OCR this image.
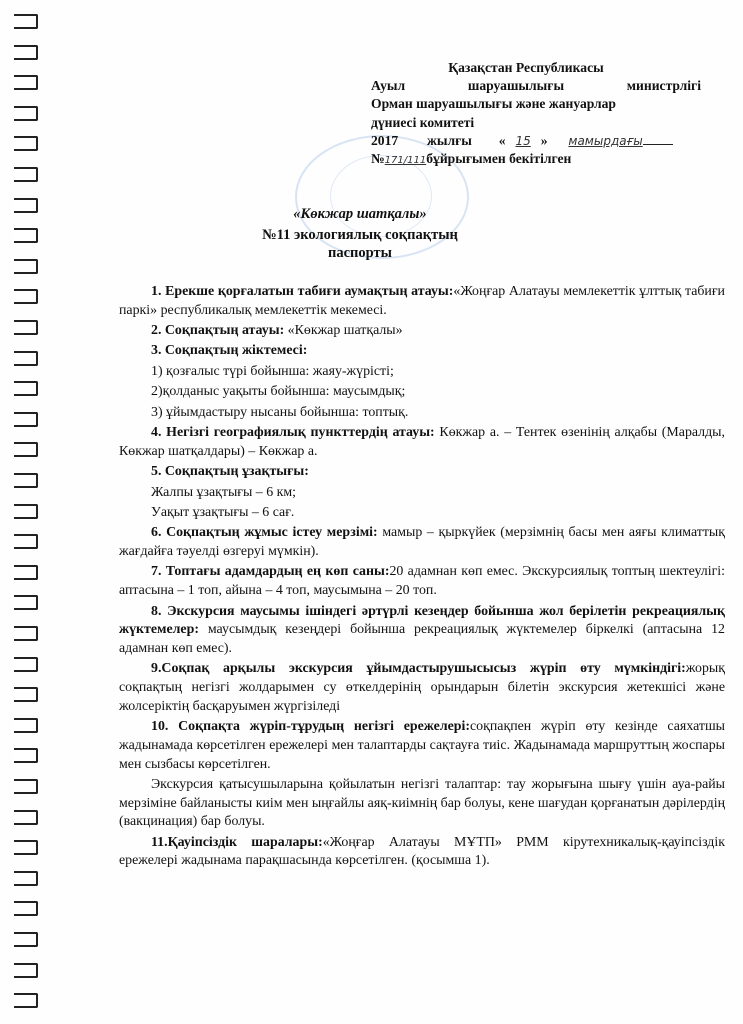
Қазақстан Республикасы
Ауыл	шаруашылығы	министрлігі
Орман шаруашылығы және жануарлар
дүниесі комитеті
2017 жылғы « 15 » мамырдағы
№171/111бұйрығымен бекітілген
«Көкжар шатқалы»
№11 экологиялық соқпақтың
паспорты

1. Ерекше қорғалатын табиғи аумақтың атауы:«Жоңғар Алатауы мемлекеттік ұлттық табиғи паркі» республикалық мемлекеттік мекемесі.

2. Соқпақтың атауы: «Көкжар шатқалы»

3. Соқпақтың жіктемесі:

1) қозғалыс түрі бойынша: жаяу-жүрісті;
2)қолданыс уақыты бойынша: маусымдық;
3) ұйымдастыру нысаны бойынша: топтық.

4. Негізгі географиялық пункттердің атауы: Көкжар а. – Тентек өзенінің алқабы (Маралды, Көкжар шатқалдары) – Көкжар а.

5. Соқпақтың ұзақтығы:

Жалпы ұзақтығы – 6 км;
Уақыт ұзақтығы – 6 сағ.

6. Соқпақтың жұмыс істеу мерзімі: мамыр – қыркүйек (мерзімнің басы мен аяғы климаттық жағдайға тәуелді өзгеруі мүмкін).

7. Топтағы адамдардың ең көп саны:20 адамнан көп емес. Экскурсиялық топтың шектеулігі: аптасына – 1 топ, айына – 4 топ, маусымына – 20 топ.

8. Экскурсия маусымы ішіндегі әртүрлі кезеңдер бойынша жол берілетін рекреациялық жүктемелер: маусымдық кезеңдері бойынша рекреациялық жүктемелер біркелкі (аптасына 12 адамнан көп емес).

9.Соқпақ арқылы экскурсия ұйымдастырушысысыз жүріп өту мүмкіндігі:жорық соқпақтың негізгі жолдарымен су өткелдерінің орындарын білетін экскурсия жетекшісі және жолсеріктің басқаруымен жүргізіледі

10. Соқпақта жүріп-тұрудың негізгі ережелері:соқпақпен жүріп өту кезінде саяхатшы жадынамада көрсетілген ережелері мен талаптарды сақтауға тиіс. Жадынамада маршруттың жоспары мен сызбасы көрсетілген.

Экскурсия қатысушыларына қойылатын негізгі талаптар: тау жорығына шығу үшін ауа-райы мерзіміне байланысты киім мен ыңғайлы аяқ-киімнің бар болуы, кене шағудан қорғанатын дәрілердің (вакцинация) бар болуы.

11.Қауіпсіздік шаралары:«Жоңғар Алатауы МҰТП» РММ кірутехникалық-қауіпсіздік ережелері жадынама парақшасында көрсетілген. (қосымша 1).
